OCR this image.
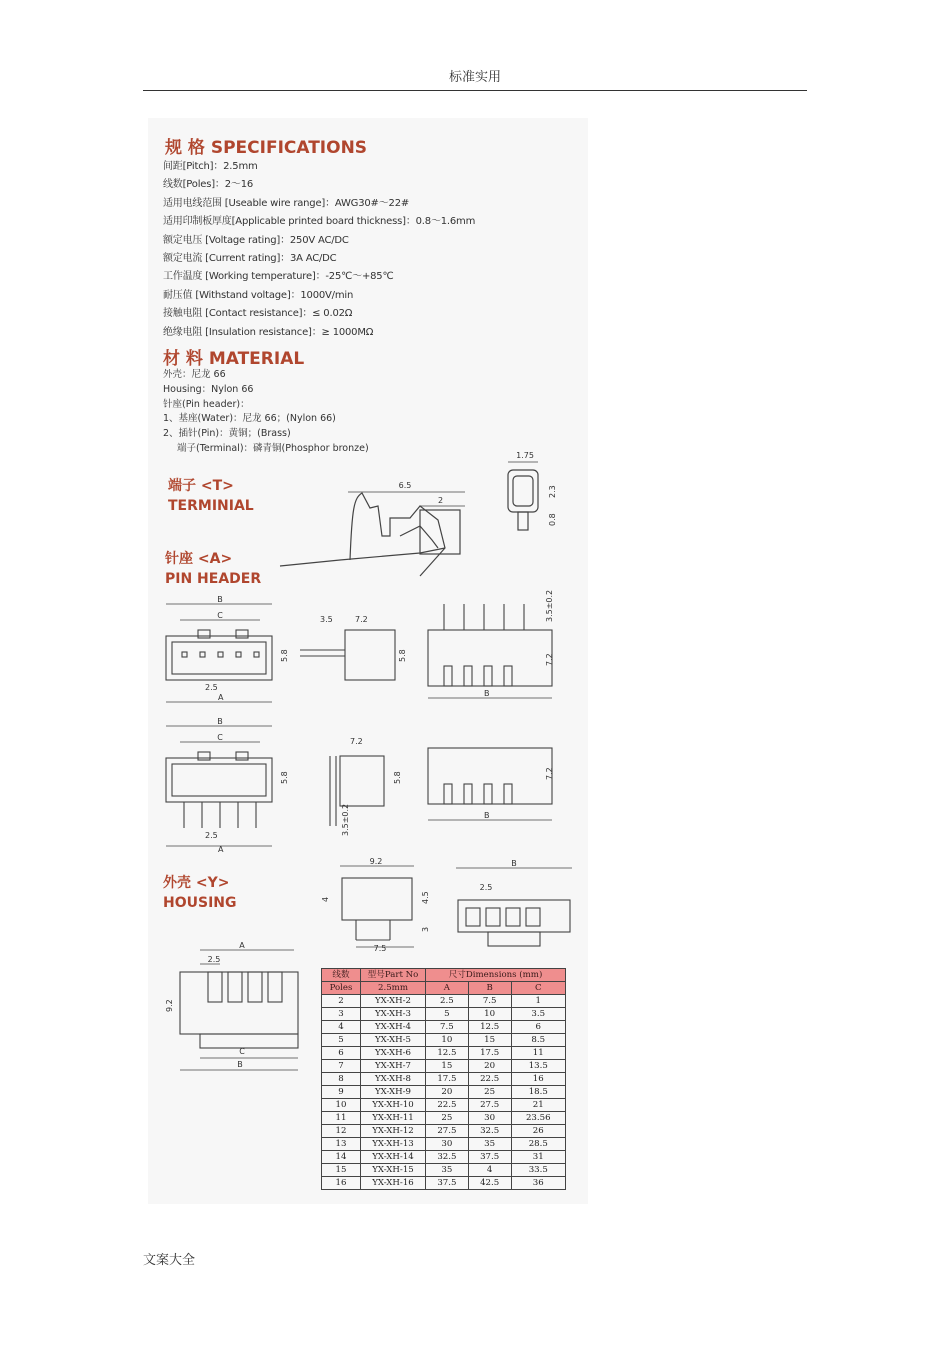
标准实用
规 格 SPECIFICATIONS
间距[Pitch]：2.5mm
线数[Poles]：2～16
适用电线范围 [Useable wire range]：AWG30#～22#
适用印制板厚度[Applicable printed board thickness]：0.8～1.6mm
额定电压 [Voltage rating]：250V AC/DC
额定电流 [Current rating]：3A AC/DC
工作温度 [Working temperature]：-25℃～+85℃
耐压值 [Withstand voltage]：1000V/min
接触电阻 [Contact resistance]：≤ 0.02Ω
绝缘电阻 [Insulation resistance]：≥ 1000MΩ
材 料 MATERIAL
外壳：尼龙 66
Housing：Nylon 66
针座(Pin header)：
1、基座(Water)：尼龙 66；(Nylon 66)
2、插针(Pin)：黄铜；(Brass)
端子(Terminal)：磷青铜(Phosphor bronze)
端子 <T>
TERMINIAL
6.5
2
1.75
2.3
0.8
针座 <A>
PIN HEADER
B
C
2.5
A
5.8
3.5	7.2
5.8
3.5±0.2
7.2
B
B
C
2.5
A
5.8
7.2
5.8
3.5±0.2
7.2
B
外壳 <Y>
HOUSING
9.2
4	4.5
3
7.5
B
2.5
A
2.5
9.2
C
B
线数	型号Part No	尺寸Dimensions (mm)		
Poles	2.5mm	A	B	C
2	YX-XH-2	2.5	7.5	1
3	YX-XH-3	5	10	3.5
4	YX-XH-4	7.5	12.5	6
5	YX-XH-5	10	15	8.5
6	YX-XH-6	12.5	17.5	11
7	YX-XH-7	15	20	13.5
8	YX-XH-8	17.5	22.5	16
9	YX-XH-9	20	25	18.5
10	YX-XH-10	22.5	27.5	21
11	YX-XH-11	25	30	23.56
12	YX-XH-12	27.5	32.5	26
13	YX-XH-13	30	35	28.5
14	YX-XH-14	32.5	37.5	31
15	YX-XH-15	35	4	33.5
16	YX-XH-16	37.5	42.5	36
文案大全
